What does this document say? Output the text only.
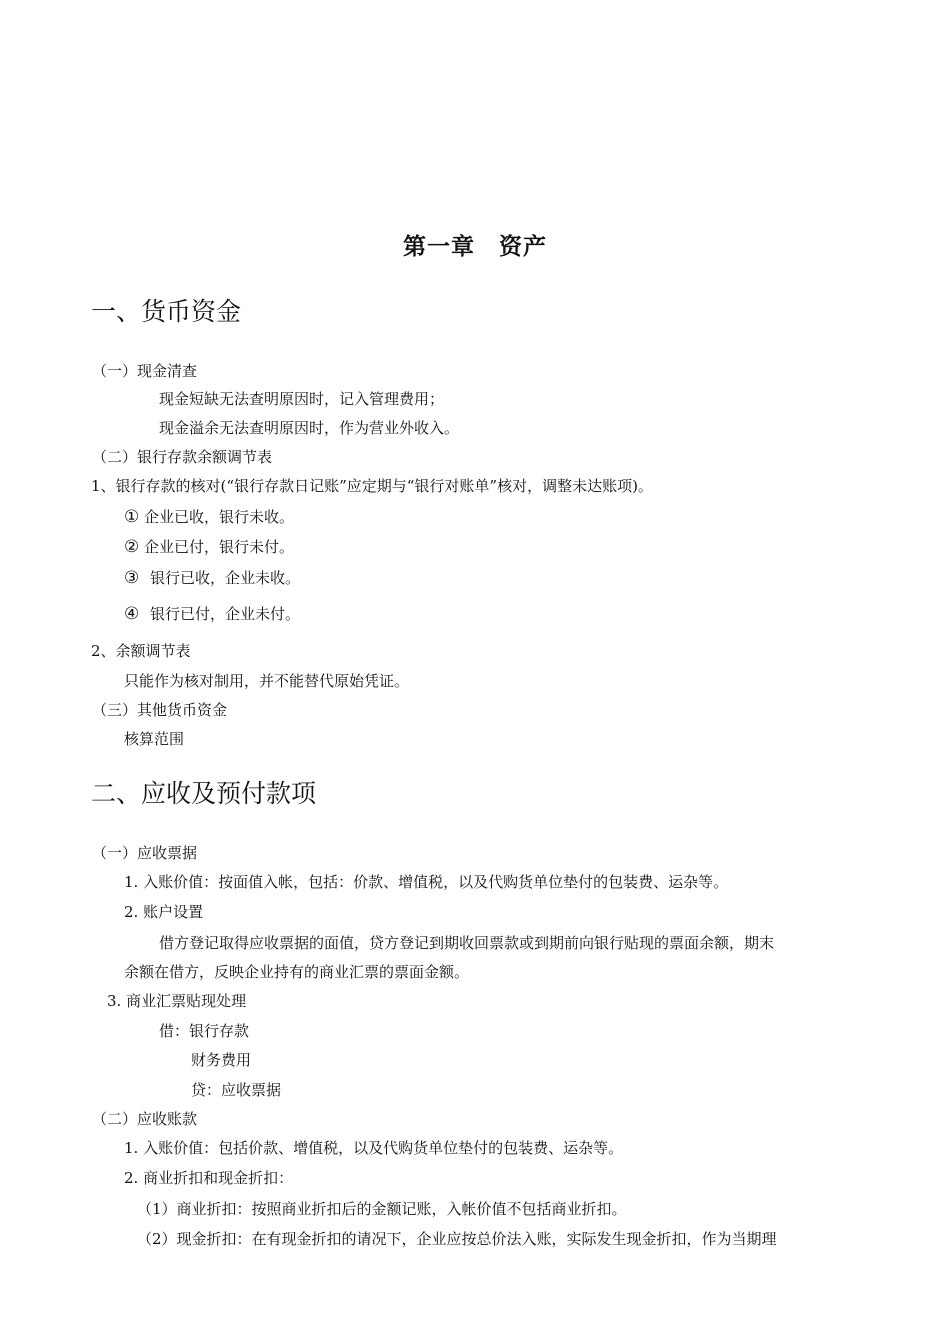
第一章　资产
一、货币资金
（一）现金清查
现金短缺无法查明原因时，记入管理费用；
现金溢余无法查明原因时，作为营业外收入。
（二）银行存款余额调节表
1、银行存款的核对(“银行存款日记账”应定期与“银行对账单”核对，调整未达账项)。
① 企业已收，银行未收。
② 企业已付，银行未付。
③ 银行已收，企业未收。
④ 银行已付，企业未付。
2、余额调节表
只能作为核对制用，并不能替代原始凭证。
（三）其他货币资金
核算范围
二、应收及预付款项
（一）应收票据
1. 入账价值：按面值入帐，包括：价款、增值税，以及代购货单位垫付的包装费、运杂等。
2. 账户设置
借方登记取得应收票据的面值，贷方登记到期收回票款或到期前向银行贴现的票面余额，期末
余额在借方，反映企业持有的商业汇票的票面金额。
3. 商业汇票贴现处理
借：银行存款
财务费用
贷：应收票据
（二）应收账款
1. 入账价值：包括价款、增值税，以及代购货单位垫付的包装费、运杂等。
2. 商业折扣和现金折扣：
（1）商业折扣：按照商业折扣后的金额记账，入帐价值不包括商业折扣。
（2）现金折扣：在有现金折扣的请况下，企业应按总价法入账，实际发生现金折扣，作为当期理
